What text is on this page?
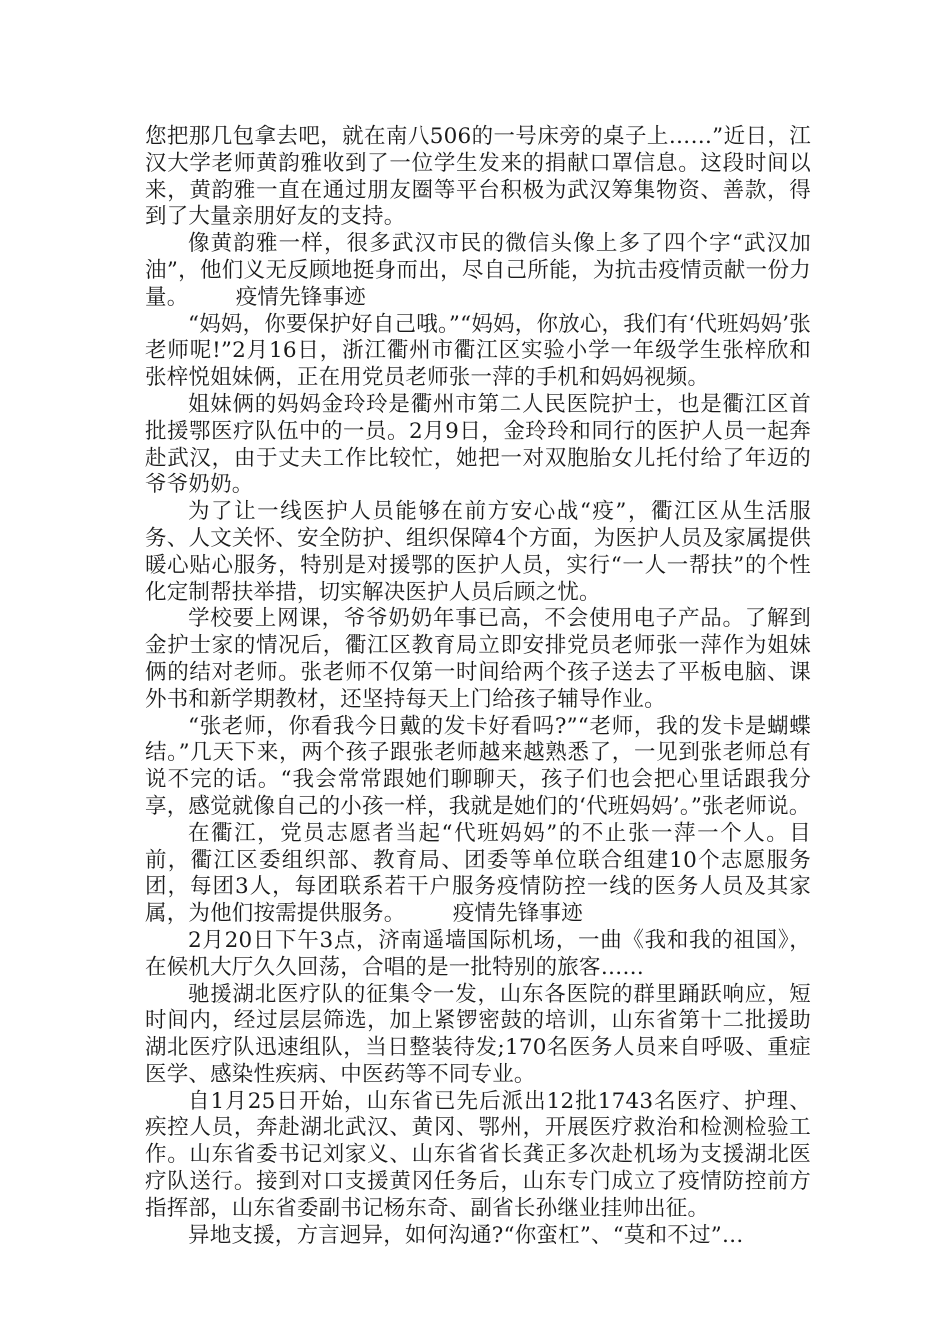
您把那几包拿去吧，就在南八506的一号床旁的桌子上……”近日，江汉大学老师黄韵雅收到了一位学生发来的捐献口罩信息。这段时间以来，黄韵雅一直在通过朋友圈等平台积极为武汉筹集物资、善款，得到了大量亲朋好友的支持。

像黄韵雅一样，很多武汉市民的微信头像上多了四个字“武汉加油”，他们义无反顾地挺身而出，尽自己所能，为抗击疫情贡献一份力量。 疫情先锋事迹

“妈妈，你要保护好自己哦。”“妈妈，你放心，我们有‘代班妈妈’张老师呢!”2月16日，浙江衢州市衢江区实验小学一年级学生张梓欣和张梓悦姐妹俩，正在用党员老师张一萍的手机和妈妈视频。

姐妹俩的妈妈金玲玲是衢州市第二人民医院护士，也是衢江区首批援鄂医疗队伍中的一员。2月9日，金玲玲和同行的医护人员一起奔赴武汉，由于丈夫工作比较忙，她把一对双胞胎女儿托付给了年迈的爷爷奶奶。

为了让一线医护人员能够在前方安心战“疫”，衢江区从生活服务、人文关怀、安全防护、组织保障4个方面，为医护人员及家属提供暖心贴心服务，特别是对援鄂的医护人员，实行“一人一帮扶”的个性化定制帮扶举措，切实解决医护人员后顾之忧。

学校要上网课，爷爷奶奶年事已高，不会使用电子产品。了解到金护士家的情况后，衢江区教育局立即安排党员老师张一萍作为姐妹俩的结对老师。张老师不仅第一时间给两个孩子送去了平板电脑、课外书和新学期教材，还坚持每天上门给孩子辅导作业。

“张老师，你看我今日戴的发卡好看吗?”“老师，我的发卡是蝴蝶结。”几天下来，两个孩子跟张老师越来越熟悉了，一见到张老师总有说不完的话。“我会常常跟她们聊聊天，孩子们也会把心里话跟我分享，感觉就像自己的小孩一样，我就是她们的‘代班妈妈’。”张老师说。

在衢江，党员志愿者当起“代班妈妈”的不止张一萍一个人。目前，衢江区委组织部、教育局、团委等单位联合组建10个志愿服务团，每团3人，每团联系若干户服务疫情防控一线的医务人员及其家属，为他们按需提供服务。 疫情先锋事迹

2月20日下午3点，济南遥墙国际机场，一曲《我和我的祖国》，在候机大厅久久回荡，合唱的是一批特别的旅客……

驰援湖北医疗队的征集令一发，山东各医院的群里踊跃响应，短时间内，经过层层筛选，加上紧锣密鼓的培训，山东省第十二批援助湖北医疗队迅速组队，当日整装待发;170名医务人员来自呼吸、重症医学、感染性疾病、中医药等不同专业。

自1月25日开始，山东省已先后派出12批1743名医疗、护理、疾控人员，奔赴湖北武汉、黄冈、鄂州，开展医疗救治和检测检验工作。山东省委书记刘家义、山东省省长龚正多次赴机场为支援湖北医疗队送行。接到对口支援黄冈任务后，山东专门成立了疫情防控前方指挥部，山东省委副书记杨东奇、副省长孙继业挂帅出征。

异地支援，方言迥异，如何沟通?“你蛮杠”、“莫和不过”…
